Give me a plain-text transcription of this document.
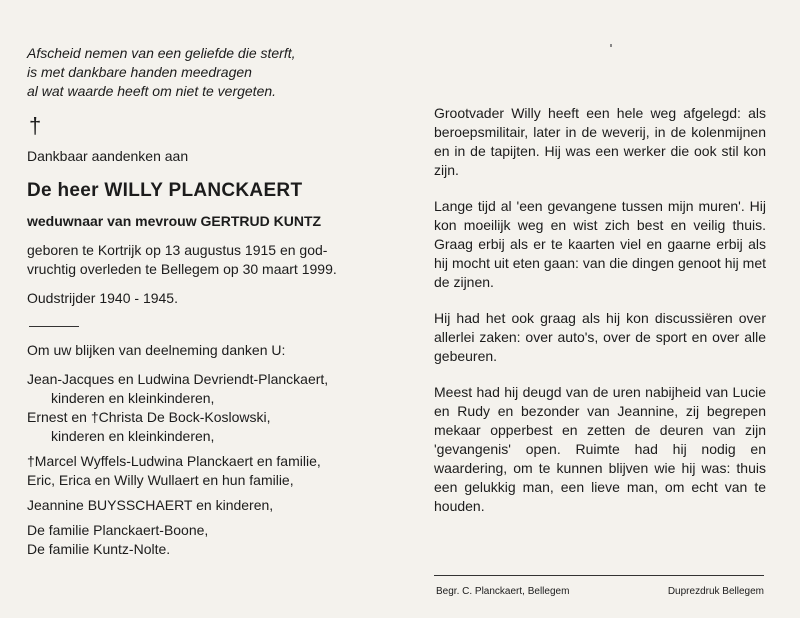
Afscheid nemen van een geliefde die sterft,
is met dankbare handen meedragen
al wat waarde heeft om niet te vergeten.
†
Dankbaar aandenken aan
De heer WILLY PLANCKAERT
weduwnaar van mevrouw GERTRUD KUNTZ
geboren te Kortrijk op 13 augustus 1915 en god-
vruchtig overleden te Bellegem op 30 maart 1999.
Oudstrijder 1940 - 1945.
Om uw blijken van deelneming danken U:
Jean-Jacques en Ludwina Devriendt-Planckaert,
kinderen en kleinkinderen,
Ernest en †Christa De Bock-Koslowski,
kinderen en kleinkinderen,
†Marcel Wyffels-Ludwina Planckaert en familie,
Eric, Erica en Willy Wullaert en hun familie,
Jeannine BUYSSCHAERT en kinderen,
De familie Planckaert-Boone,
De familie Kuntz-Nolte.
Grootvader Willy heeft een hele weg afgelegd: als beroepsmilitair, later in de weverij, in de kolenmijnen en in de tapijten. Hij was een werker die ook stil kon zijn.
Lange tijd al 'een gevangene tussen mijn muren'. Hij kon moeilijk weg en wist zich best en veilig thuis. Graag erbij als er te kaarten viel en gaarne erbij als hij mocht uit eten gaan: van die dingen genoot hij met de zijnen.
Hij had het ook graag als hij kon discussiëren over allerlei zaken: over auto's, over de sport en over alle gebeuren.
Meest had hij deugd van de uren nabijheid van Lucie en Rudy en bezonder van Jeannine, zij begrepen mekaar opperbest en zetten de deuren van zijn 'gevangenis' open. Ruimte had hij nodig en waardering, om te kunnen blijven wie hij was: thuis een gelukkig man, een lieve man, om echt van te houden.
Begr. C. Planckaert, Bellegem	Duprezdruk Bellegem
